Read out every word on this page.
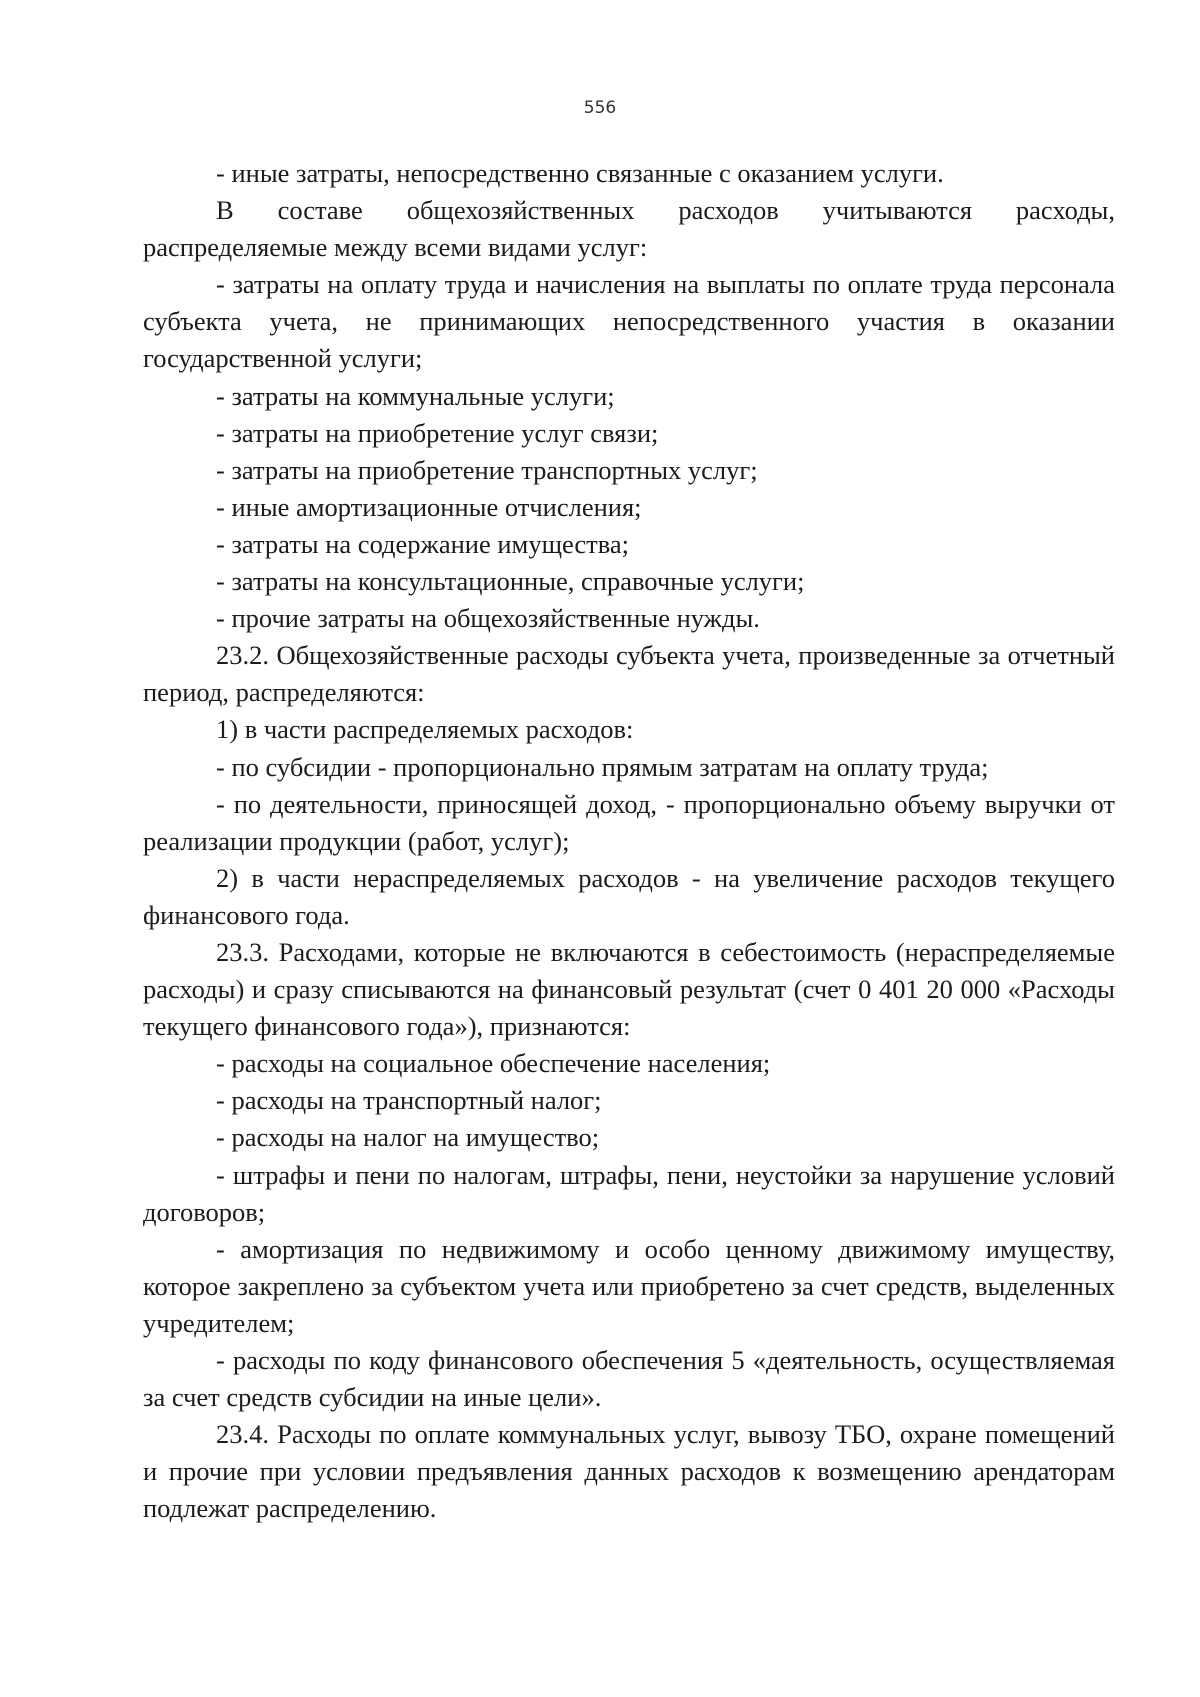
556

- иные затраты, непосредственно связанные с оказанием услуги.

В составе общехозяйственных расходов учитываются расходы, распределяемые между всеми видами услуг:

- затраты на оплату труда и начисления на выплаты по оплате труда персонала субъекта учета, не принимающих непосредственного участия в оказании государственной услуги;

- затраты на коммунальные услуги;

- затраты на приобретение услуг связи;

- затраты на приобретение транспортных услуг;

- иные амортизационные отчисления;

- затраты на содержание имущества;

- затраты на консультационные, справочные услуги;

- прочие затраты на общехозяйственные нужды.

23.2. Общехозяйственные расходы субъекта учета, произведенные за отчетный период, распределяются:

1) в части распределяемых расходов:

- по субсидии - пропорционально прямым затратам на оплату труда;

- по деятельности, приносящей доход, - пропорционально объему выручки от реализации продукции (работ, услуг);

2) в части нераспределяемых расходов - на увеличение расходов текущего финансового года.

23.3. Расходами, которые не включаются в себестоимость (нераспределяемые расходы) и сразу списываются на финансовый результат (счет 0 401 20 000 «Расходы текущего финансового года»), признаются:

- расходы на социальное обеспечение населения;

- расходы на транспортный налог;

- расходы на налог на имущество;

- штрафы и пени по налогам, штрафы, пени, неустойки за нарушение условий договоров;

- амортизация по недвижимому и особо ценному движимому имуществу, которое закреплено за субъектом учета или приобретено за счет средств, выделенных учредителем;

- расходы по коду финансового обеспечения 5 «деятельность, осуществляемая за счет средств субсидии на иные цели».

23.4. Расходы по оплате коммунальных услуг, вывозу ТБО, охране помещений и прочие при условии предъявления данных расходов к возмещению арендаторам подлежат распределению.
